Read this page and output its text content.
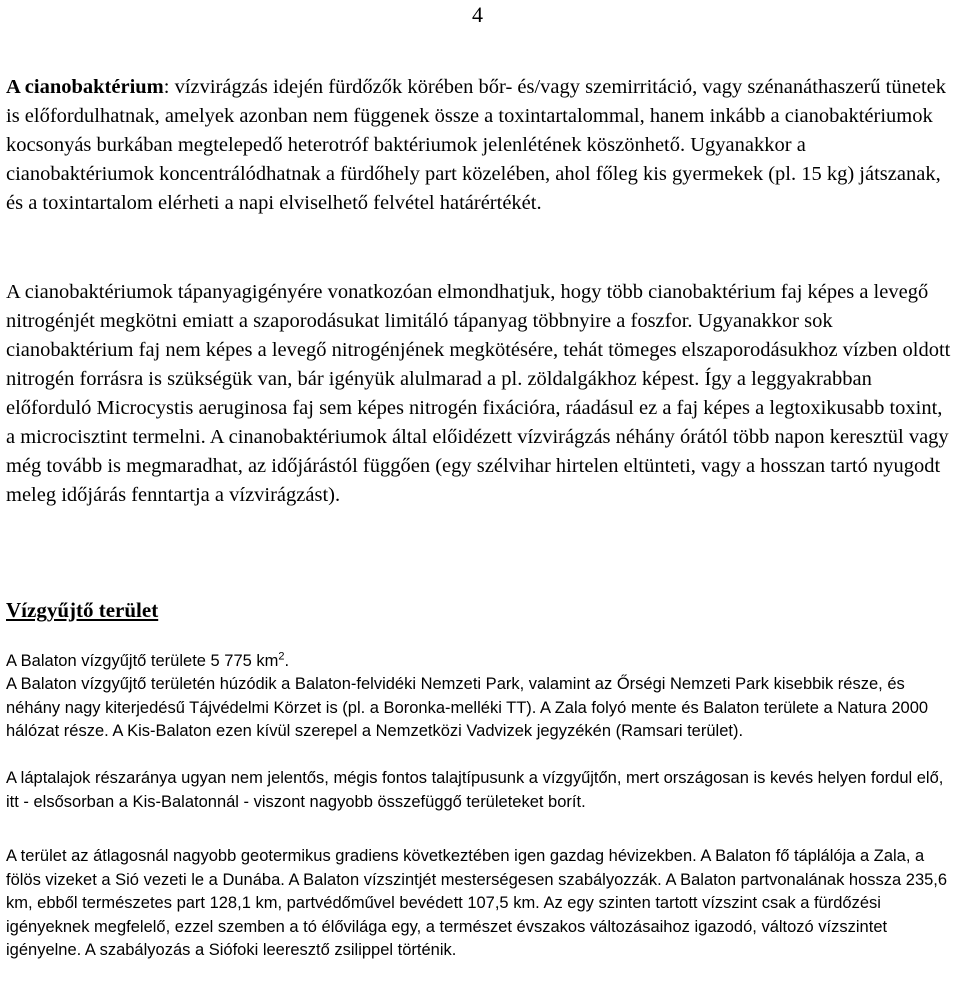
4

A cianobaktérium: vízvirágzás idején fürdőzők körében bőr- és/vagy szemirritáció, vagy szénanáthaszerű tünetek is előfordulhatnak, amelyek azonban nem függenek össze a toxintartalommal, hanem inkább a cianobaktériumok kocsonyás burkában megtelepedő heterotróf baktériumok jelenlétének köszönhető. Ugyanakkor a cianobaktériumok koncentrálódhatnak a fürdőhely part közelében, ahol főleg kis gyermekek (pl. 15 kg) játszanak, és a toxintartalom elérheti a napi elviselhető felvétel határértékét.

A cianobaktériumok tápanyagigényére vonatkozóan elmondhatjuk, hogy több cianobaktérium faj képes a levegő nitrogénjét megkötni emiatt a szaporodásukat limitáló tápanyag többnyire a foszfor. Ugyanakkor sok cianobaktérium faj nem képes a levegő nitrogénjének megkötésére, tehát tömeges elszaporodásukhoz vízben oldott nitrogén forrásra is szükségük van, bár igényük alulmarad a pl. zöldalgákhoz képest. Így a leggyakrabban előforduló Microcystis aeruginosa faj sem képes nitrogén fixációra, ráadásul ez a faj képes a legtoxikusabb toxint, a microcisztint termelni. A cinanobaktériumok által előidézett vízvirágzás néhány órától több napon keresztül vagy még tovább is megmaradhat, az időjárástól függően (egy szélvihar hirtelen eltünteti, vagy a hosszan tartó nyugodt meleg időjárás fenntartja a vízvirágzást).

Vízgyűjtő terület

A Balaton vízgyűjtő területe 5 775 $km^2$.

A Balaton vízgyűjtő területén húzódik a Balaton-felvidéki Nemzeti Park, valamint az Őrségi Nemzeti Park kisebbik része, és néhány nagy kiterjedésű Tájvédelmi Körzet is (pl. a Boronka-melléki TT). A Zala folyó mente és Balaton területe a Natura 2000 hálózat része. A Kis-Balaton ezen kívül szerepel a Nemzetközi Vadvizek jegyzékén (Ramsari terület).

A láptalajok részaránya ugyan nem jelentős, mégis fontos talajtípusunk a vízgyűjtőn, mert országosan is kevés helyen fordul elő, itt - elsősorban a Kis-Balatonnál - viszont nagyobb összefüggő területeket borít.

A terület az átlagosnál nagyobb geotermikus gradiens következtében igen gazdag hévizekben. A Balaton fő táplálója a Zala, a fölös vizeket a Sió vezeti le a Dunába. A Balaton vízszintjét mesterségesen szabályozzák. A Balaton partvonalának hossza 235,6 km, ebből természetes part 128,1 km, partvédőművel bevédett 107,5 km. Az egy szinten tartott vízszint csak a fürdőzési igényeknek megfelelő, ezzel szemben a tó élővilága egy, a természet évszakos változásaihoz igazodó, változó vízszintet igényelne. A szabályozás a Siófoki leeresztő zsilippel történik.
